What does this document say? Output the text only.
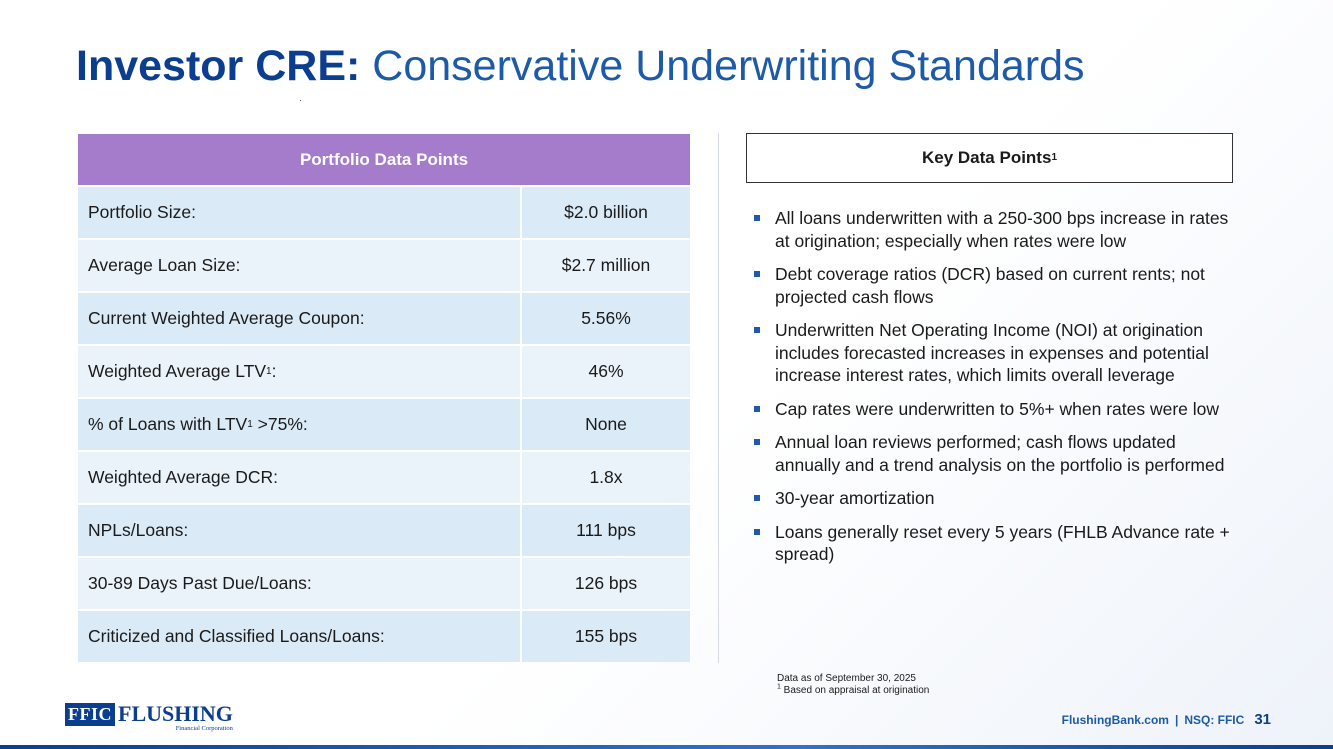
Investor CRE: Conservative Underwriting Standards
Portfolio Data Points
Portfolio Size:	$2.0 billion
Average Loan Size:	$2.7 million
Current Weighted Average Coupon:	5.56%
Weighted Average LTV 1 :	46%
% of Loans with LTV 1 >75%:	None
Weighted Average DCR:	1.8x
NPLs/Loans:	111 bps
30-89 Days Past Due/Loans:	126 bps
Criticized and Classified Loans/Loans:	155 bps
Key Data Points 1
All loans underwritten with a 250-300 bps increase in rates at origination; especially when rates were low
Debt coverage ratios (DCR) based on current rents; not projected cash flows
Underwritten Net Operating Income (NOI) at origination includes forecasted increases in expenses and potential increase interest rates, which limits overall leverage
Cap rates were underwritten to 5%+ when rates were low
Annual loan reviews performed; cash flows updated annually and a trend analysis on the portfolio is performed
30-year amortization
Loans generally reset every 5 years (FHLB Advance rate + spread)
Data as of September 30, 2025
$^1$ Based on appraisal at origination
FFIC FLUSHING
Financial Corporation
FlushingBank.com | NSQ: FFIC 31
